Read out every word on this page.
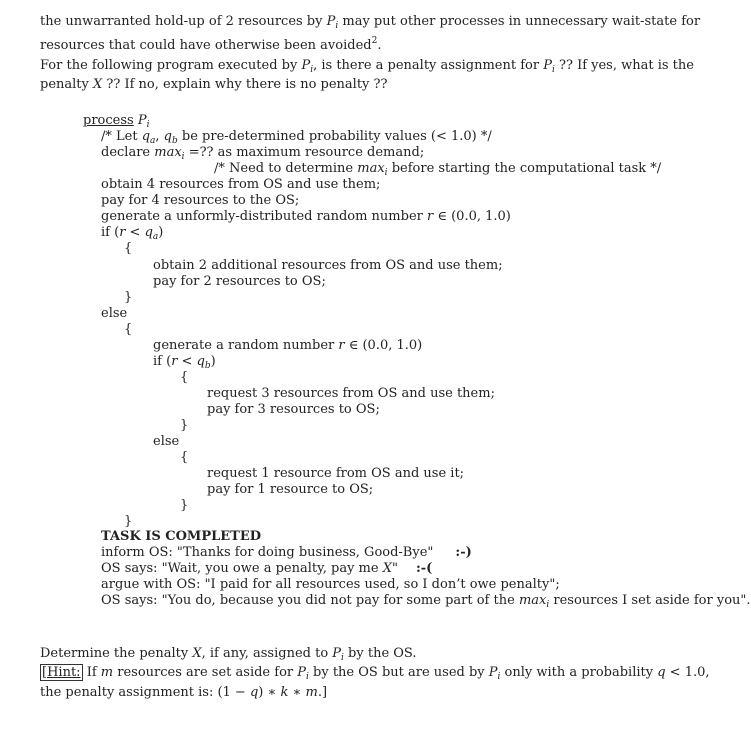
the unwarranted hold-up of 2 resources by $P_i$ may put other processes in unnecessary wait-state for
resources that could have otherwise been avoided$^2$.
For the following program executed by $P_i$, is there a penalty assignment for $P_i$ ?? If yes, what is the
penalty X ?? If no, explain why there is no penalty ??
process $P_i$
/* Let $q_a$, $q_b$ be pre-determined probability values (< 1.0) */
declare $\max_i$ =?? as maximum resource demand;
/* Need to determine $\max_i$ before starting the computational task */
obtain 4 resources from OS and use them;
pay for 4 resources to the OS;
generate a unformly-distributed random number r ∈ (0.0, 1.0)
if $(r < q_a)$
{
obtain 2 additional resources from OS and use them;
pay for 2 resources to OS;
}
else
{
generate a random number r ∈ (0.0, 1.0)
if $(r < q_b)$
{
request 3 resources from OS and use them;
pay for 3 resources to OS;
}
else
{
request 1 resource from OS and use it;
pay for 1 resource to OS;
}
}
TASK IS COMPLETED
inform OS: "Thanks for doing business, Good-Bye" :-)
OS says: "Wait, you owe a penalty, pay me X" :-(
argue with OS: "I paid for all resources used, so I don’t owe penalty";
OS says: "You do, because you did not pay for some part of the $\max_i$ resources I set aside for you".
Determine the penalty X, if any, assigned to $P_i$ by the OS.
[Hint: If m resources are set aside for $P_i$ by the OS but are used by $P_i$ only with a probability q < 1.0,
the penalty assignment is: (1 − q) ∗ k ∗ m.]
